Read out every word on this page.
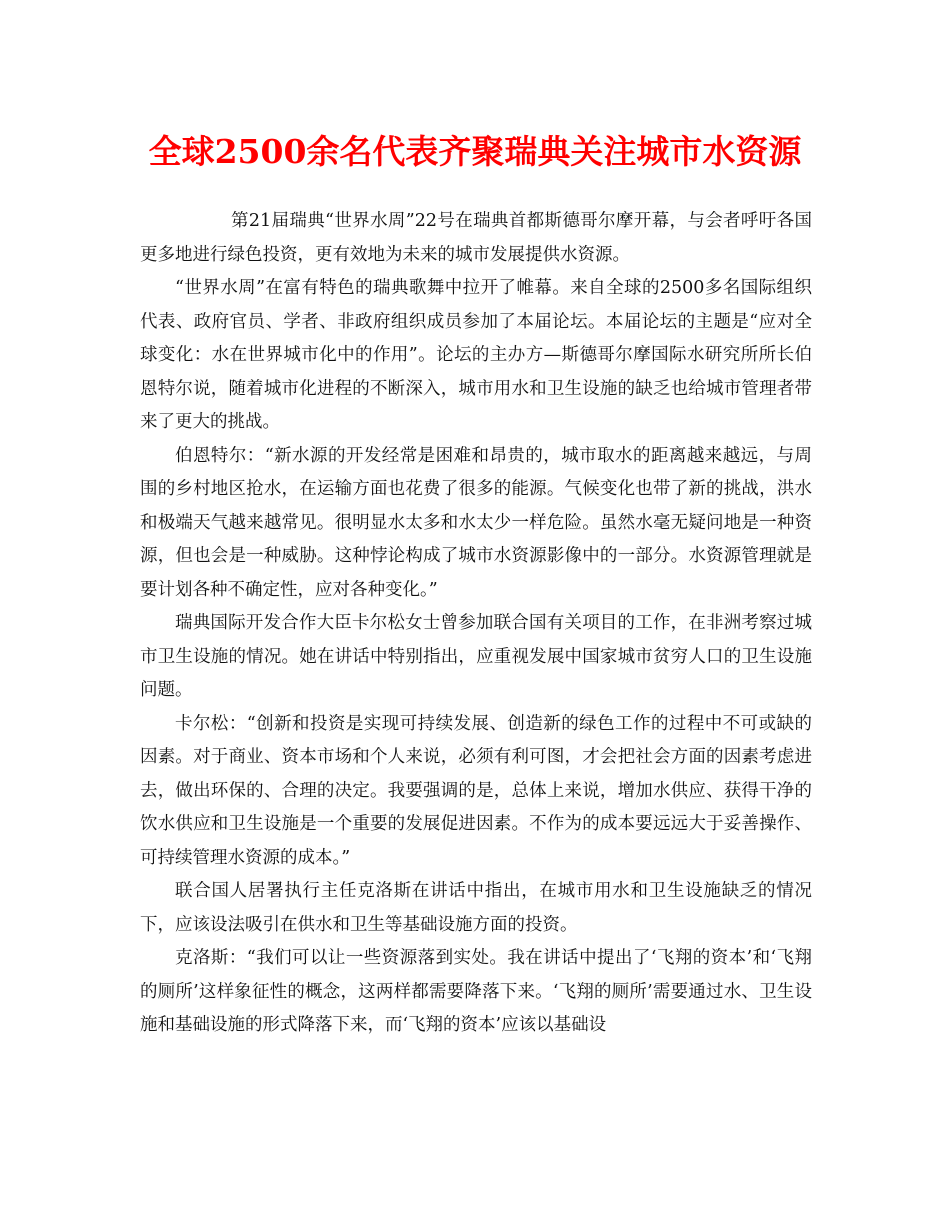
全球2500余名代表齐聚瑞典关注城市水资源

第21届瑞典“世界水周”22号在瑞典首都斯德哥尔摩开幕，与会者呼吁各国更多地进行绿色投资，更有效地为未来的城市发展提供水资源。

“世界水周”在富有特色的瑞典歌舞中拉开了帷幕。来自全球的2500多名国际组织代表、政府官员、学者、非政府组织成员参加了本届论坛。本届论坛的主题是“应对全球变化：水在世界城市化中的作用”。论坛的主办方—斯德哥尔摩国际水研究所所长伯恩特尔说，随着城市化进程的不断深入，城市用水和卫生设施的缺乏也给城市管理者带来了更大的挑战。

伯恩特尔：“新水源的开发经常是困难和昂贵的，城市取水的距离越来越远，与周围的乡村地区抢水，在运输方面也花费了很多的能源。气候变化也带了新的挑战，洪水和极端天气越来越常见。很明显水太多和水太少一样危险。虽然水毫无疑问地是一种资源，但也会是一种威胁。这种悖论构成了城市水资源影像中的一部分。水资源管理就是要计划各种不确定性，应对各种变化。”

瑞典国际开发合作大臣卡尔松女士曾参加联合国有关项目的工作，在非洲考察过城市卫生设施的情况。她在讲话中特别指出，应重视发展中国家城市贫穷人口的卫生设施问题。

卡尔松：“创新和投资是实现可持续发展、创造新的绿色工作的过程中不可或缺的因素。对于商业、资本市场和个人来说，必须有利可图，才会把社会方面的因素考虑进去，做出环保的、合理的决定。我要强调的是，总体上来说，增加水供应、获得干净的饮水供应和卫生设施是一个重要的发展促进因素。不作为的成本要远远大于妥善操作、可持续管理水资源的成本。”

联合国人居署执行主任克洛斯在讲话中指出，在城市用水和卫生设施缺乏的情况下，应该设法吸引在供水和卫生等基础设施方面的投资。

克洛斯：“我们可以让一些资源落到实处。我在讲话中提出了‘飞翔的资本’和‘飞翔的厕所’这样象征性的概念，这两样都需要降落下来。‘飞翔的厕所’需要通过水、卫生设施和基础设施的形式降落下来，而‘飞翔的资本’应该以基础设
